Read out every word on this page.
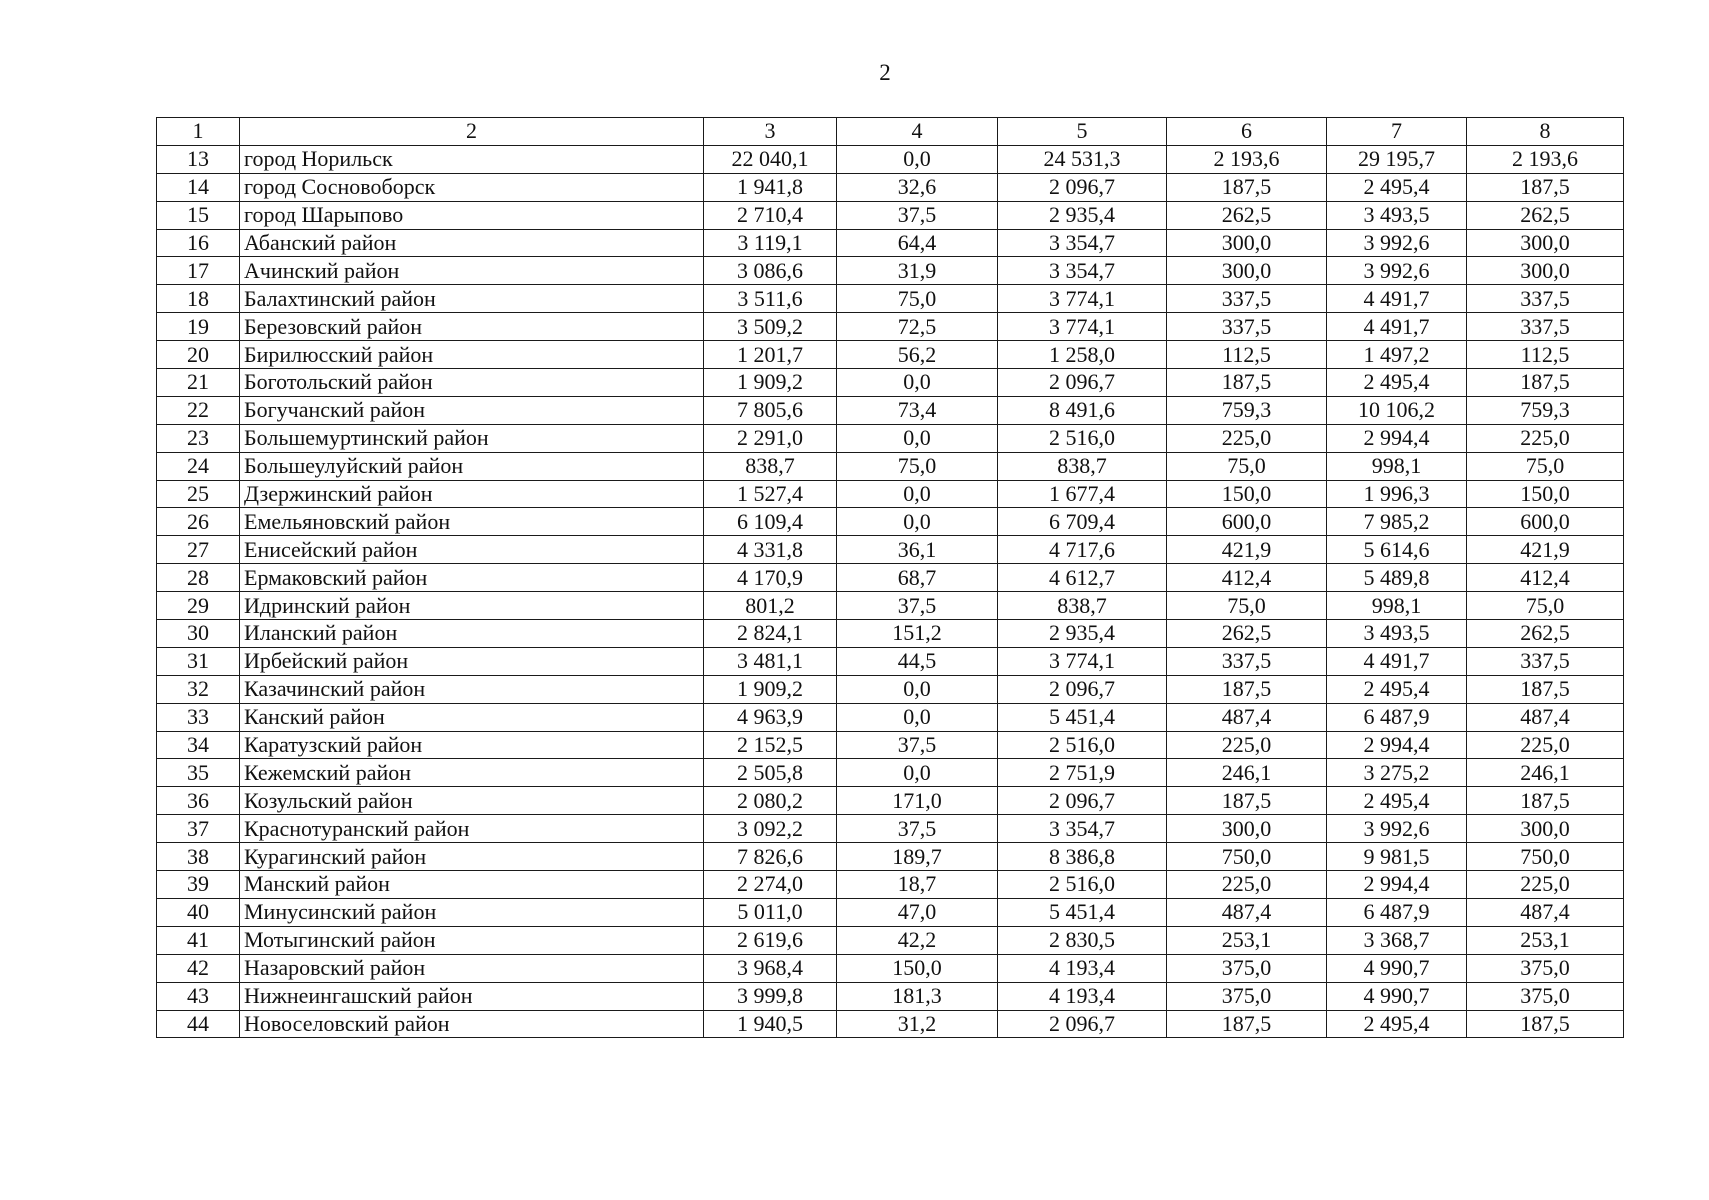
2
1	2	3	4	5	6	7	8
13	город Норильск	22 040,1	0,0	24 531,3	2 193,6	29 195,7	2 193,6
14	город Сосновоборск	1 941,8	32,6	2 096,7	187,5	2 495,4	187,5
15	город Шарыпово	2 710,4	37,5	2 935,4	262,5	3 493,5	262,5
16	Абанский район	3 119,1	64,4	3 354,7	300,0	3 992,6	300,0
17	Ачинский район	3 086,6	31,9	3 354,7	300,0	3 992,6	300,0
18	Балахтинский район	3 511,6	75,0	3 774,1	337,5	4 491,7	337,5
19	Березовский район	3 509,2	72,5	3 774,1	337,5	4 491,7	337,5
20	Бирилюсский район	1 201,7	56,2	1 258,0	112,5	1 497,2	112,5
21	Боготольский район	1 909,2	0,0	2 096,7	187,5	2 495,4	187,5
22	Богучанский район	7 805,6	73,4	8 491,6	759,3	10 106,2	759,3
23	Большемуртинский район	2 291,0	0,0	2 516,0	225,0	2 994,4	225,0
24	Большеулуйский район	838,7	75,0	838,7	75,0	998,1	75,0
25	Дзержинский район	1 527,4	0,0	1 677,4	150,0	1 996,3	150,0
26	Емельяновский район	6 109,4	0,0	6 709,4	600,0	7 985,2	600,0
27	Енисейский район	4 331,8	36,1	4 717,6	421,9	5 614,6	421,9
28	Ермаковский район	4 170,9	68,7	4 612,7	412,4	5 489,8	412,4
29	Идринский район	801,2	37,5	838,7	75,0	998,1	75,0
30	Иланский район	2 824,1	151,2	2 935,4	262,5	3 493,5	262,5
31	Ирбейский район	3 481,1	44,5	3 774,1	337,5	4 491,7	337,5
32	Казачинский район	1 909,2	0,0	2 096,7	187,5	2 495,4	187,5
33	Канский район	4 963,9	0,0	5 451,4	487,4	6 487,9	487,4
34	Каратузский район	2 152,5	37,5	2 516,0	225,0	2 994,4	225,0
35	Кежемский район	2 505,8	0,0	2 751,9	246,1	3 275,2	246,1
36	Козульский район	2 080,2	171,0	2 096,7	187,5	2 495,4	187,5
37	Краснотуранский район	3 092,2	37,5	3 354,7	300,0	3 992,6	300,0
38	Курагинский район	7 826,6	189,7	8 386,8	750,0	9 981,5	750,0
39	Манский район	2 274,0	18,7	2 516,0	225,0	2 994,4	225,0
40	Минусинский район	5 011,0	47,0	5 451,4	487,4	6 487,9	487,4
41	Мотыгинский район	2 619,6	42,2	2 830,5	253,1	3 368,7	253,1
42	Назаровский район	3 968,4	150,0	4 193,4	375,0	4 990,7	375,0
43	Нижнеингашский район	3 999,8	181,3	4 193,4	375,0	4 990,7	375,0
44	Новоселовский район	1 940,5	31,2	2 096,7	187,5	2 495,4	187,5
